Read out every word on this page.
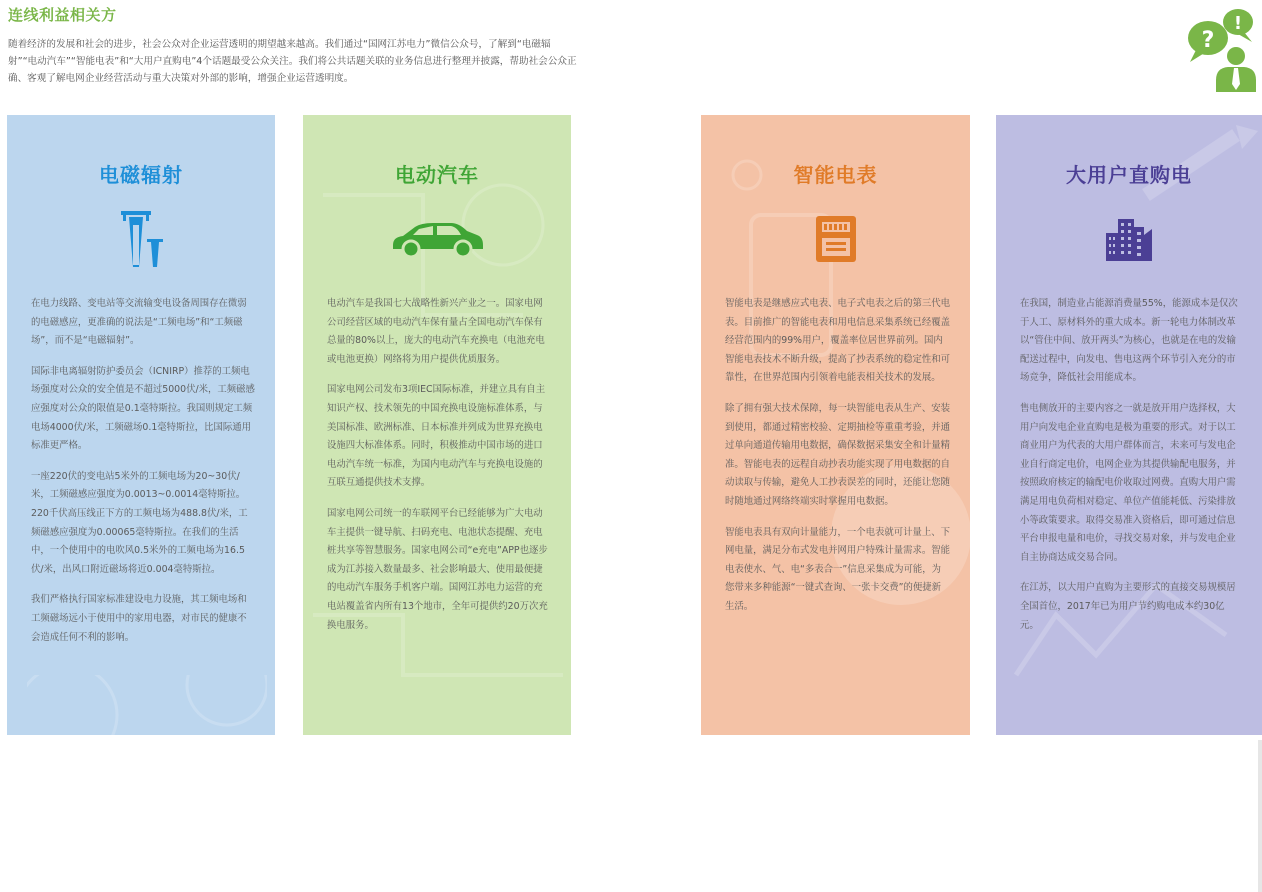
连线利益相关方
随着经济的发展和社会的进步，社会公众对企业运营透明的期望越来越高。我们通过“国网江苏电力”微信公众号，了解到“电磁辐射”“电动汽车”“智能电表”和“大用户直购电”4个话题最受公众关注。我们将公共话题关联的业务信息进行整理并披露，帮助社会公众正确、客观了解电网企业经营活动与重大决策对外部的影响，增强企业运营透明度。
!
?
电磁辐射

在电力线路、变电站等交流输变电设备周围存在微弱的电磁感应，更准确的说法是“工频电场”和“工频磁场”，而不是“电磁辐射”。

国际非电离辐射防护委员会（ICNIRP）推荐的工频电场强度对公众的安全值是不超过5000伏/米，工频磁感应强度对公众的限值是0.1毫特斯拉。我国则规定工频电场4000伏/米，工频磁场0.1毫特斯拉，比国际通用标准更严格。

一座220伏的变电站5米外的工频电场为20~30伏/米，工频磁感应强度为0.0013~0.0014毫特斯拉。220千伏高压线正下方的工频电场为488.8伏/米，工频磁感应强度为0.00065毫特斯拉。在我们的生活中，一个使用中的电吹风0.5米外的工频电场为16.5伏/米，出风口附近磁场将近0.004毫特斯拉。

我们严格执行国家标准建设电力设施，其工频电场和工频磁场远小于使用中的家用电器，对市民的健康不会造成任何不利的影响。

电动汽车

电动汽车是我国七大战略性新兴产业之一。国家电网公司经营区域的电动汽车保有量占全国电动汽车保有总量的80%以上，庞大的电动汽车充换电（电池充电或电池更换）网络将为用户提供优质服务。

国家电网公司发布3项IEC国际标准，并建立具有自主知识产权、技术领先的中国充换电设施标准体系，与美国标准、欧洲标准、日本标准并列成为世界充换电设施四大标准体系。同时，积极推动中国市场的进口电动汽车统一标准，为国内电动汽车与充换电设施的互联互通提供技术支撑。

国家电网公司统一的车联网平台已经能够为广大电动车主提供一键导航、扫码充电、电池状态提醒、充电桩共享等智慧服务。国家电网公司“e充电”APP也逐步成为江苏接入数量最多、社会影响最大、使用最便捷的电动汽车服务手机客户端。国网江苏电力运营的充电站覆盖省内所有13个地市，全年可提供约20万次充换电服务。

智能电表

智能电表是继感应式电表、电子式电表之后的第三代电表。目前推广的智能电表和用电信息采集系统已经覆盖经营范围内的99%用户，覆盖率位居世界前列。国内智能电表技术不断升级，提高了抄表系统的稳定性和可靠性，在世界范围内引领着电能表相关技术的发展。

除了拥有强大技术保障，每一块智能电表从生产、安装到使用，都通过精密校验、定期抽检等重重考验，并通过单向通道传输用电数据，确保数据采集安全和计量精准。智能电表的远程自动抄表功能实现了用电数据的自动读取与传输，避免人工抄表误差的同时，还能让您随时随地通过网络终端实时掌握用电数据。

智能电表具有双向计量能力，一个电表就可计量上、下网电量，满足分布式发电并网用户特殊计量需求。智能电表使水、气、电“多表合一”信息采集成为可能，为您带来多种能源“一键式查询、一张卡交费”的便捷新生活。

大用户直购电

在我国，制造业占能源消费量55%，能源成本是仅次于人工、原材料外的重大成本。新一轮电力体制改革以“管住中间、放开两头”为核心，也就是在电的发输配送过程中，向发电、售电这两个环节引入充分的市场竞争，降低社会用能成本。

售电侧放开的主要内容之一就是放开用户选择权，大用户向发电企业直购电是极为重要的形式。对于以工商业用户为代表的大用户群体而言，未来可与发电企业自行商定电价，电网企业为其提供输配电服务，并按照政府核定的输配电价收取过网费。直购大用户需满足用电负荷相对稳定、单位产值能耗低、污染排放小等政策要求。取得交易准入资格后，即可通过信息平台申报电量和电价，寻找交易对象，并与发电企业自主协商达成交易合同。

在江苏，以大用户直购为主要形式的直接交易规模居全国首位，2017年已为用户节约购电成本约30亿元。
